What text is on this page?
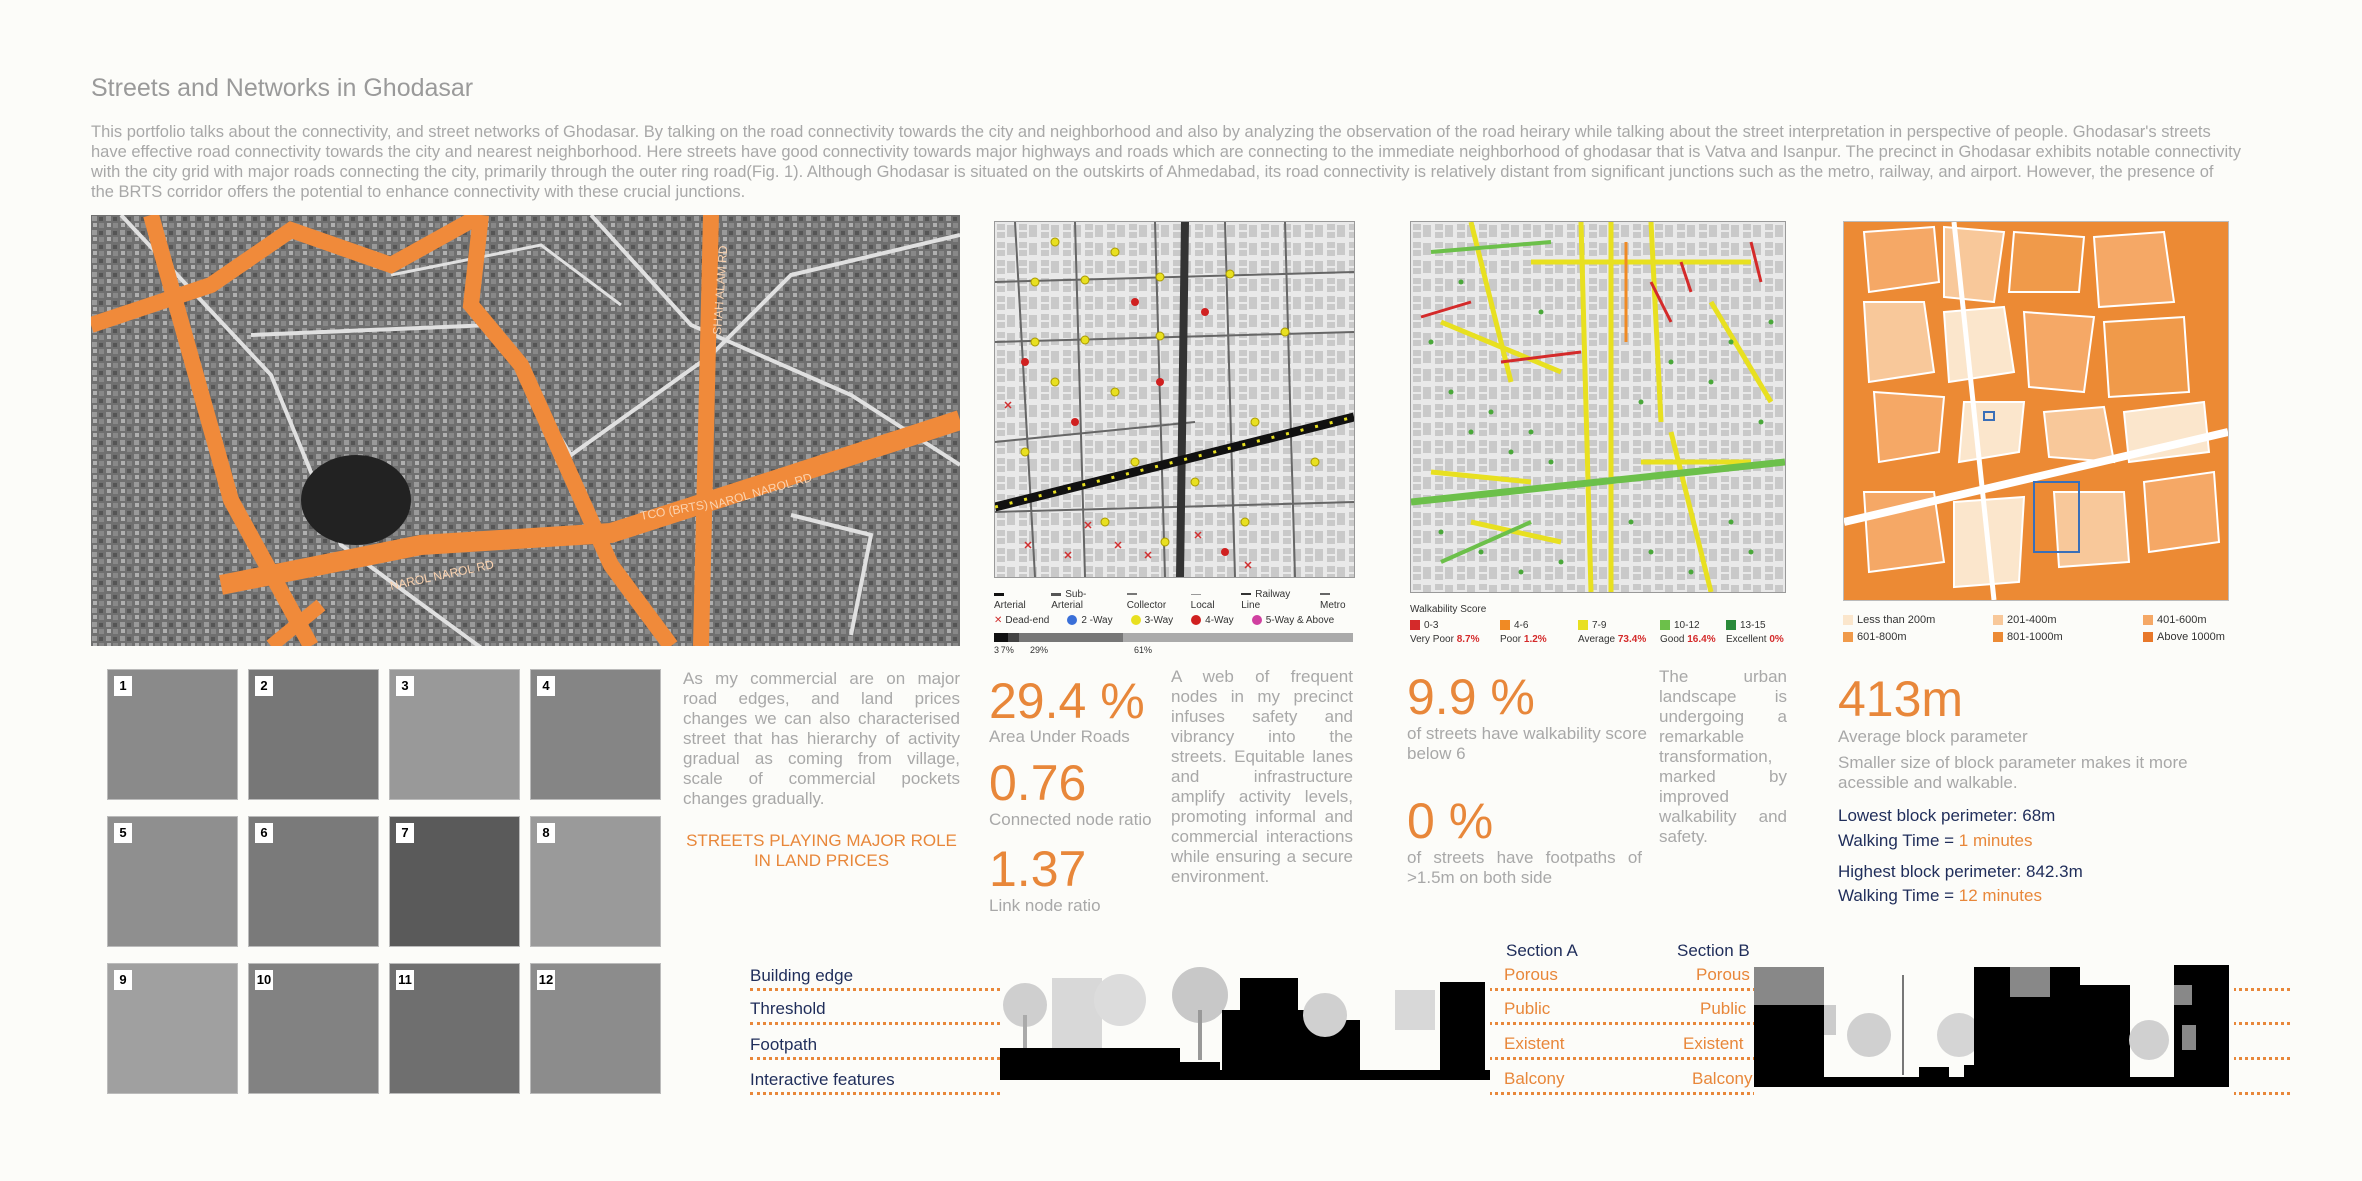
Streets and Networks in Ghodasar
This portfolio talks about the connectivity, and street networks of Ghodasar. By talking on the road connectivity towards the city and neighborhood and also by analyzing the observation of the road heirary while talking about the street interpretation in perspective of people. Ghodasar's streets have effective road connectivity towards the city and nearest neighborhood. Here streets have good connectivity towards major highways and roads which are connecting to the immediate neighborhood of ghodasar that is Vatva and Isanpur. The precinct in Ghodasar exhibits notable connectivity with the city grid with major roads connecting the city, primarily through the outer ring road(Fig. 1). Although Ghodasar is situated on the outskirts of Ahmedabad, its road connectivity is relatively distant from significant junctions such as the metro, railway, and airport. However, the presence of the BRTS corridor offers the potential to enhance connectivity with these crucial junctions.
NAROL NAROL RD
TCO (BRTS) NAROL NAROL RD
SHAH ALAM RD
Arterial
Sub-Arterial	Collector	Local
Railway Line	Metro
✕ Dead-end	2 -Way	3-Way	4-Way	5-Way & Above
3 7% 29%	61%
Walkability Score
0-3	4-6	7-9	10-12	13-15
Very Poor 8.7%	Poor 1.2%	Average 73.4%	Good 16.4%	Excellent 0%
Less than 200m	201-400m	401-600m
601-800m	801-1000m	Above 1000m
1	2	3	4
5	6	7	8
9	10	11	12
As my commercial are on major road edges, and land prices changes we can also characterised street that has hierarchy of activity gradual as coming from village, scale of commercial pockets changes gradually.
STREETS PLAYING MAJOR ROLE
IN LAND PRICES
29.4 %
Area Under Roads
0.76
Connected node ratio
1.37
Link node ratio
A web of frequent nodes in my precinct infuses safety and vibrancy into the streets. Equitable lanes and infrastructure amplify activity levels, promoting informal and commercial interactions while ensuring a secure environment.
9.9 %
of streets have walkability score below 6
0 %
of streets have footpaths of >1.5m on both side
The urban landscape is undergoing a remarkable transformation, marked by improved walkability and safety.
413m
Average block parameter
Smaller size of block parameter makes it more acessible and walkable.
Lowest block perimeter: 68m
Walking Time = 1 minutes
Highest block perimeter: 842.3m
Walking Time = 12 minutes
Building edge
Threshold
Footpath
Interactive features
Section A	Section B
Porous
Public
Existent
Balcony
Porous
Public
Existent
Balcony
